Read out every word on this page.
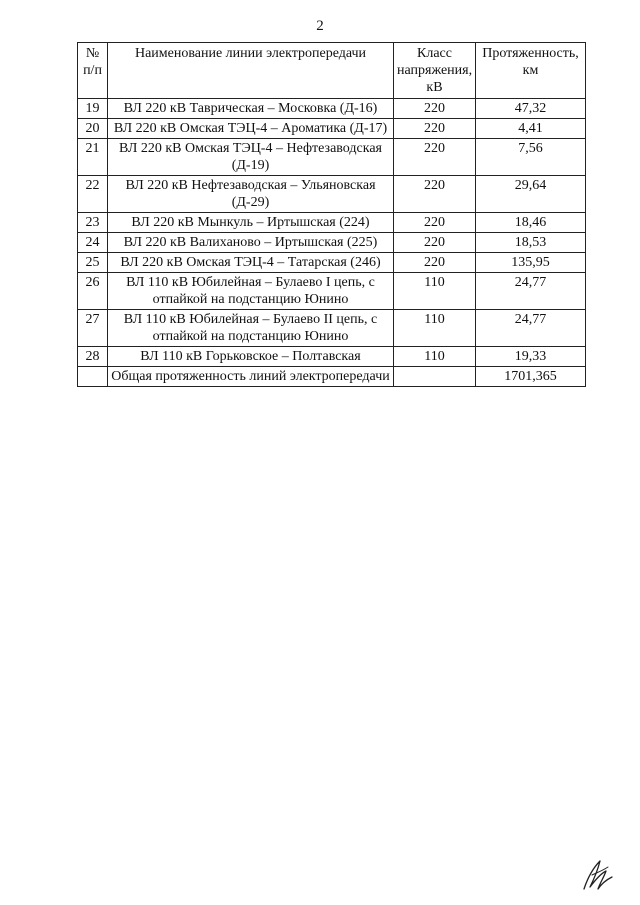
2
№ п/п	Наименование линии электропередачи	Класс напряжения, кВ	Протяженность, км
19	ВЛ 220 кВ Таврическая – Московка (Д-16)	220	47,32
20	ВЛ 220 кВ Омская ТЭЦ-4 – Ароматика (Д-17)	220	4,41
21	ВЛ 220 кВ Омская ТЭЦ-4 – Нефтезаводская (Д-19)	220	7,56
22	ВЛ 220 кВ Нефтезаводская – Ульяновская (Д-29)	220	29,64
23	ВЛ 220 кВ Мынкуль – Иртышская (224)	220	18,46
24	ВЛ 220 кВ Валиханово – Иртышская (225)	220	18,53
25	ВЛ 220 кВ Омская ТЭЦ-4 – Татарская (246)	220	135,95
26	ВЛ 110 кВ Юбилейная – Булаево I цепь, с отпайкой на подстанцию Юнино	110	24,77
27	ВЛ 110 кВ Юбилейная – Булаево II цепь, с отпайкой на подстанцию Юнино	110	24,77
28	ВЛ 110 кВ Горьковское – Полтавская	110	19,33
	Общая протяженность линий электропередачи		1701,365
